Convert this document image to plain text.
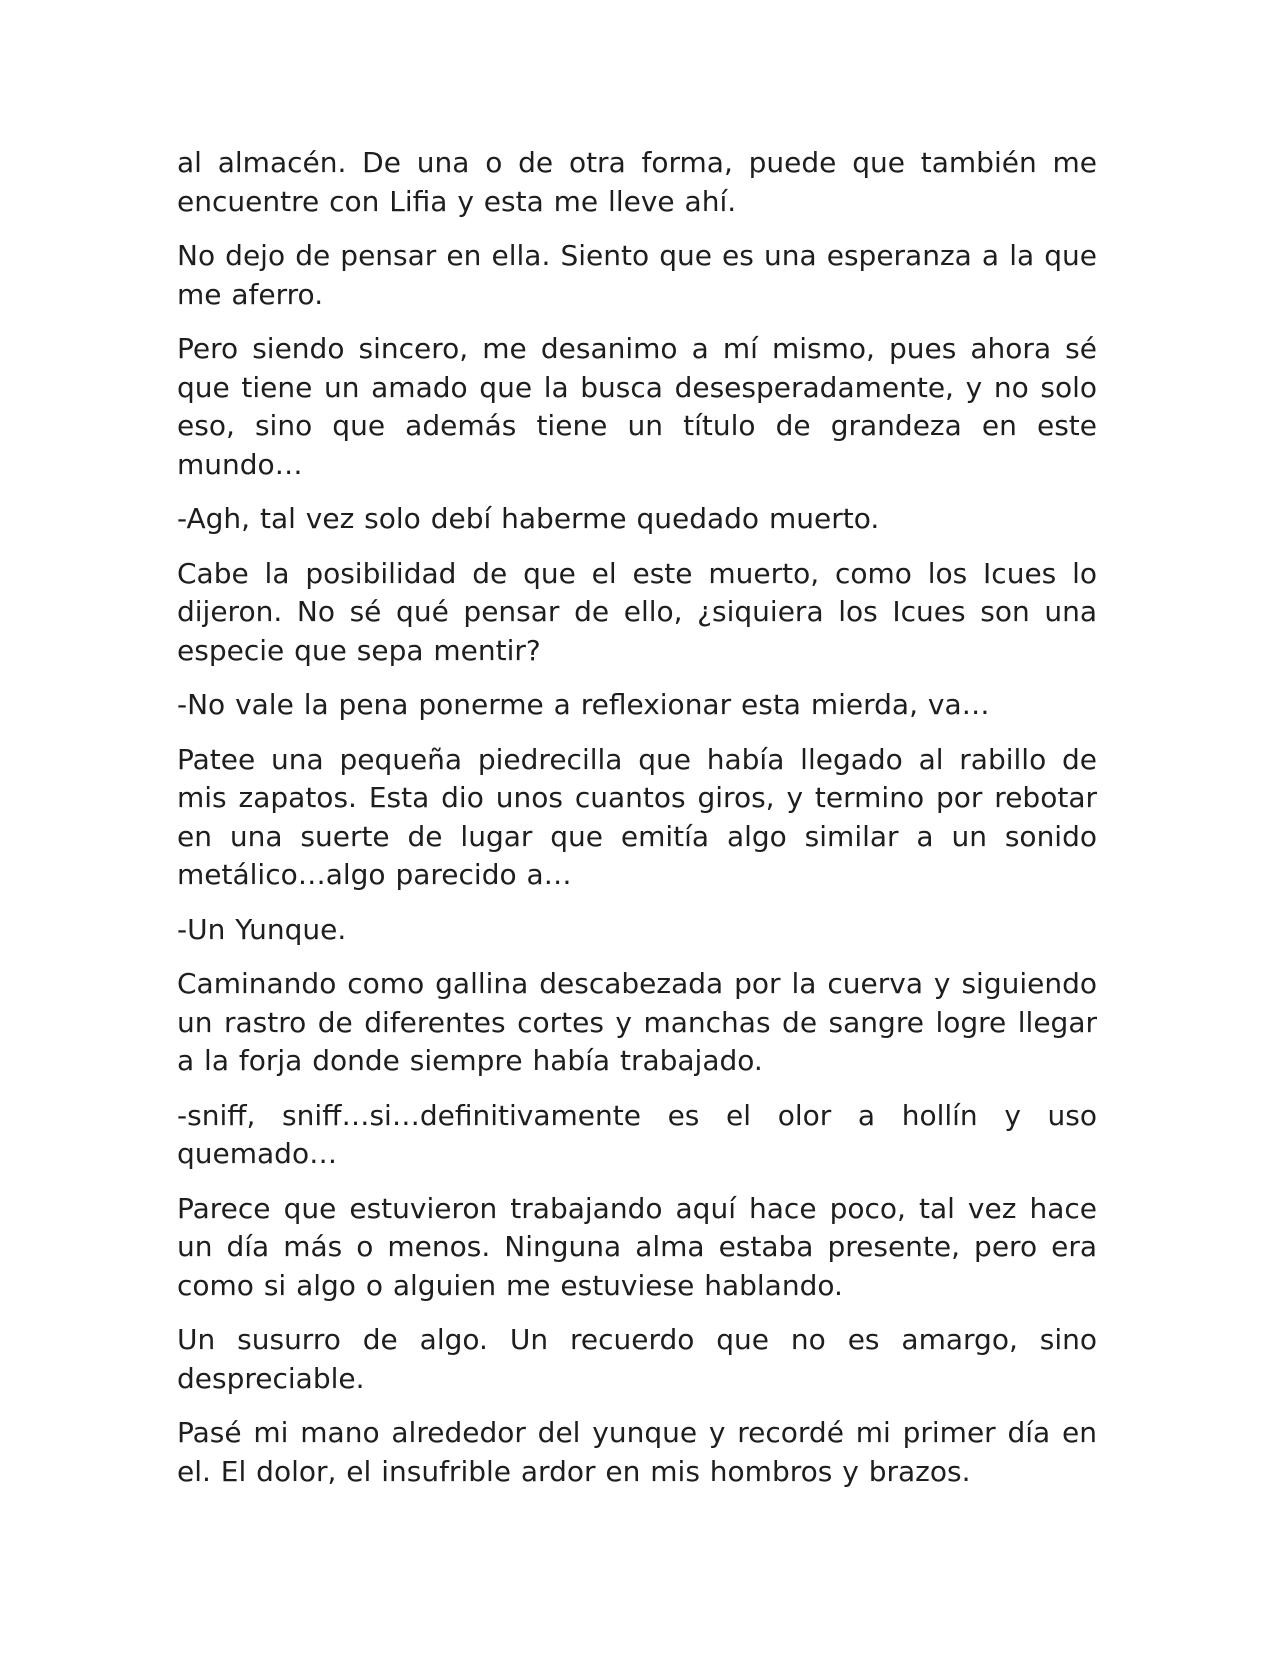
al almacén. De una o de otra forma, puede que también me encuentre con Lifia y esta me lleve ahí.

No dejo de pensar en ella. Siento que es una esperanza a la que me aferro.

Pero siendo sincero, me desanimo a mí mismo, pues ahora sé que tiene un amado que la busca desesperadamente, y no solo eso, sino que además tiene un título de grandeza en este mundo…

-Agh, tal vez solo debí haberme quedado muerto.

Cabe la posibilidad de que el este muerto, como los Icues lo dijeron. No sé qué pensar de ello, ¿siquiera los Icues son una especie que sepa mentir?

-No vale la pena ponerme a reflexionar esta mierda, va…

Patee una pequeña piedrecilla que había llegado al rabillo de mis zapatos. Esta dio unos cuantos giros, y termino por rebotar en una suerte de lugar que emitía algo similar a un sonido metálico…algo parecido a…

-Un Yunque.

Caminando como gallina descabezada por la cuerva y siguiendo un rastro de diferentes cortes y manchas de sangre logre llegar a la forja donde siempre había trabajado.

-sniff, sniff…si…definitivamente es el olor a hollín y uso quemado…

Parece que estuvieron trabajando aquí hace poco, tal vez hace un día más o menos. Ninguna alma estaba presente, pero era como si algo o alguien me estuviese hablando.

Un susurro de algo. Un recuerdo que no es amargo, sino despreciable.

Pasé mi mano alrededor del yunque y recordé mi primer día en el. El dolor, el insufrible ardor en mis hombros y brazos.
